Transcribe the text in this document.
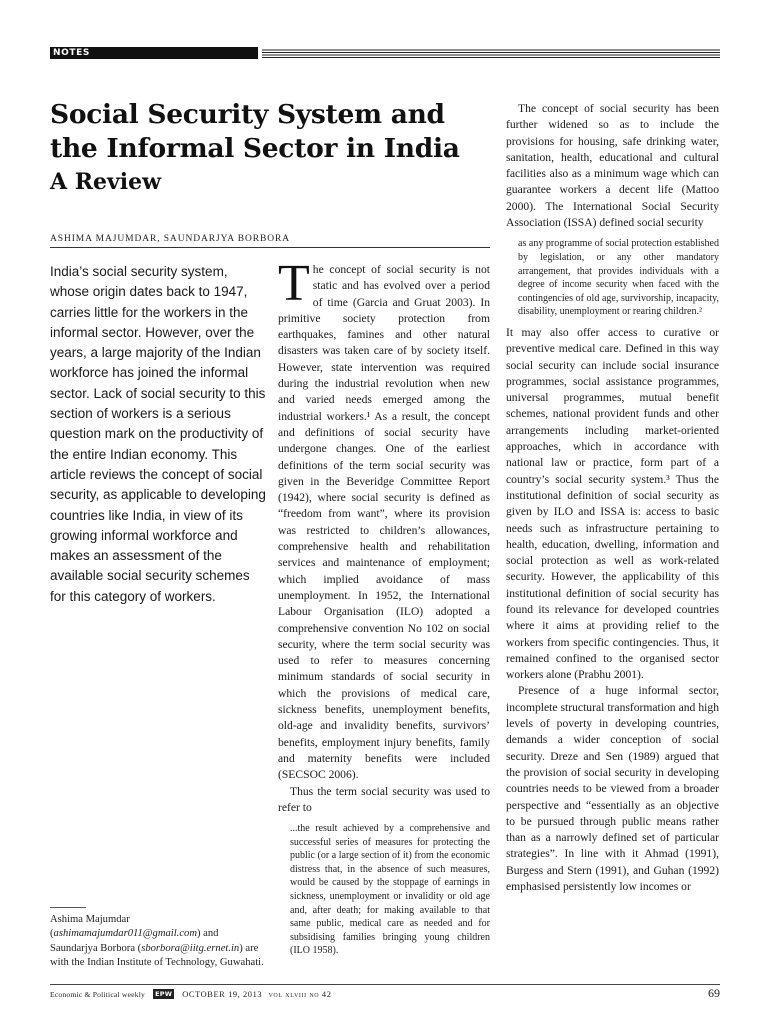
NOTES
Social Security System and the Informal Sector in India
A Review
ASHIMA MAJUMDAR, SAUNDARJYA BORBORA

India’s social security system, whose origin dates back to 1947, carries little for the workers in the informal sector. However, over the years, a large majority of the Indian workforce has joined the informal sector. Lack of social security to this section of workers is a serious question mark on the productivity of the entire Indian economy. This article reviews the concept of social security, as applicable to developing countries like India, in view of its growing informal workforce and makes an assessment of the available social security schemes for this category of workers.

Ashima Majumdar (ashimamajumdar011@gmail.com) and Saundarjya Borbora (sborbora@iitg.ernet.in) are with the Indian Institute of Technology, Guwahati.

The concept of social security is not static and has evolved over a period of time (Garcia and Gruat 2003). In primitive society protection from earthquakes, famines and other natural disasters was taken care of by society itself. However, state intervention was required during the industrial revolution when new and varied needs emerged among the industrial workers.¹ As a result, the concept and definitions of social security have undergone changes. One of the earliest definitions of the term social security was given in the Beveridge Committee Report (1942), where social security is defined as “freedom from want”, where its provision was restricted to children’s allowances, comprehensive health and rehabilitation services and maintenance of employment; which implied avoidance of mass unemployment. In 1952, the International Labour Organisation (ILO) adopted a comprehensive convention No 102 on social security, where the term social security was used to refer to measures concerning minimum standards of social security in which the provisions of medical care, sickness benefits, unemployment benefits, old-age and invalidity benefits, survivors’ benefits, employment injury benefits, family and maternity benefits were included (SECSOC 2006).

Thus the term social security was used to refer to

...the result achieved by a comprehensive and successful series of measures for protecting the public (or a large section of it) from the economic distress that, in the absence of such measures, would be caused by the stoppage of earnings in sickness, unemployment or invalidity or old age and, after death; for making available to that same public, medical care as needed and for subsidising families bringing young children (ILO 1958).

The concept of social security has been further widened so as to include the provisions for housing, safe drinking water, sanitation, health, educational and cultural facilities also as a minimum wage which can guarantee workers a decent life (Mattoo 2000). The International Social Security Association (ISSA) defined social security

as any programme of social protection established by legislation, or any other mandatory arrangement, that provides individuals with a degree of income security when faced with the contingencies of old age, survivorship, incapacity, disability, unemployment or rearing children.²

It may also offer access to curative or preventive medical care. Defined in this way social security can include social insurance programmes, social assistance programmes, universal programmes, mutual benefit schemes, national provident funds and other arrangements including market-oriented approaches, which in accordance with national law or practice, form part of a country’s social security system.³ Thus the institutional definition of social security as given by ILO and ISSA is: access to basic needs such as infrastructure pertaining to health, education, dwelling, information and social protection as well as work-related security. However, the applicability of this institutional definition of social security has found its relevance for developed countries where it aims at providing relief to the workers from specific contingencies. Thus, it remained confined to the organised sector workers alone (Prabhu 2001).

Presence of a huge informal sector, incomplete structural transformation and high levels of poverty in developing countries, demands a wider conception of social security. Dreze and Sen (1989) argued that the provision of social security in developing countries needs to be viewed from a broader perspective and “essentially as an objective to be pursued through public means rather than as a narrowly defined set of particular strategies”. In line with it Ahmad (1991), Burgess and Stern (1991), and Guhan (1992) emphasised persistently low incomes or

Economic & Political weekly EPW OCTOBER 19, 2013 vol xlviii no 42	69
